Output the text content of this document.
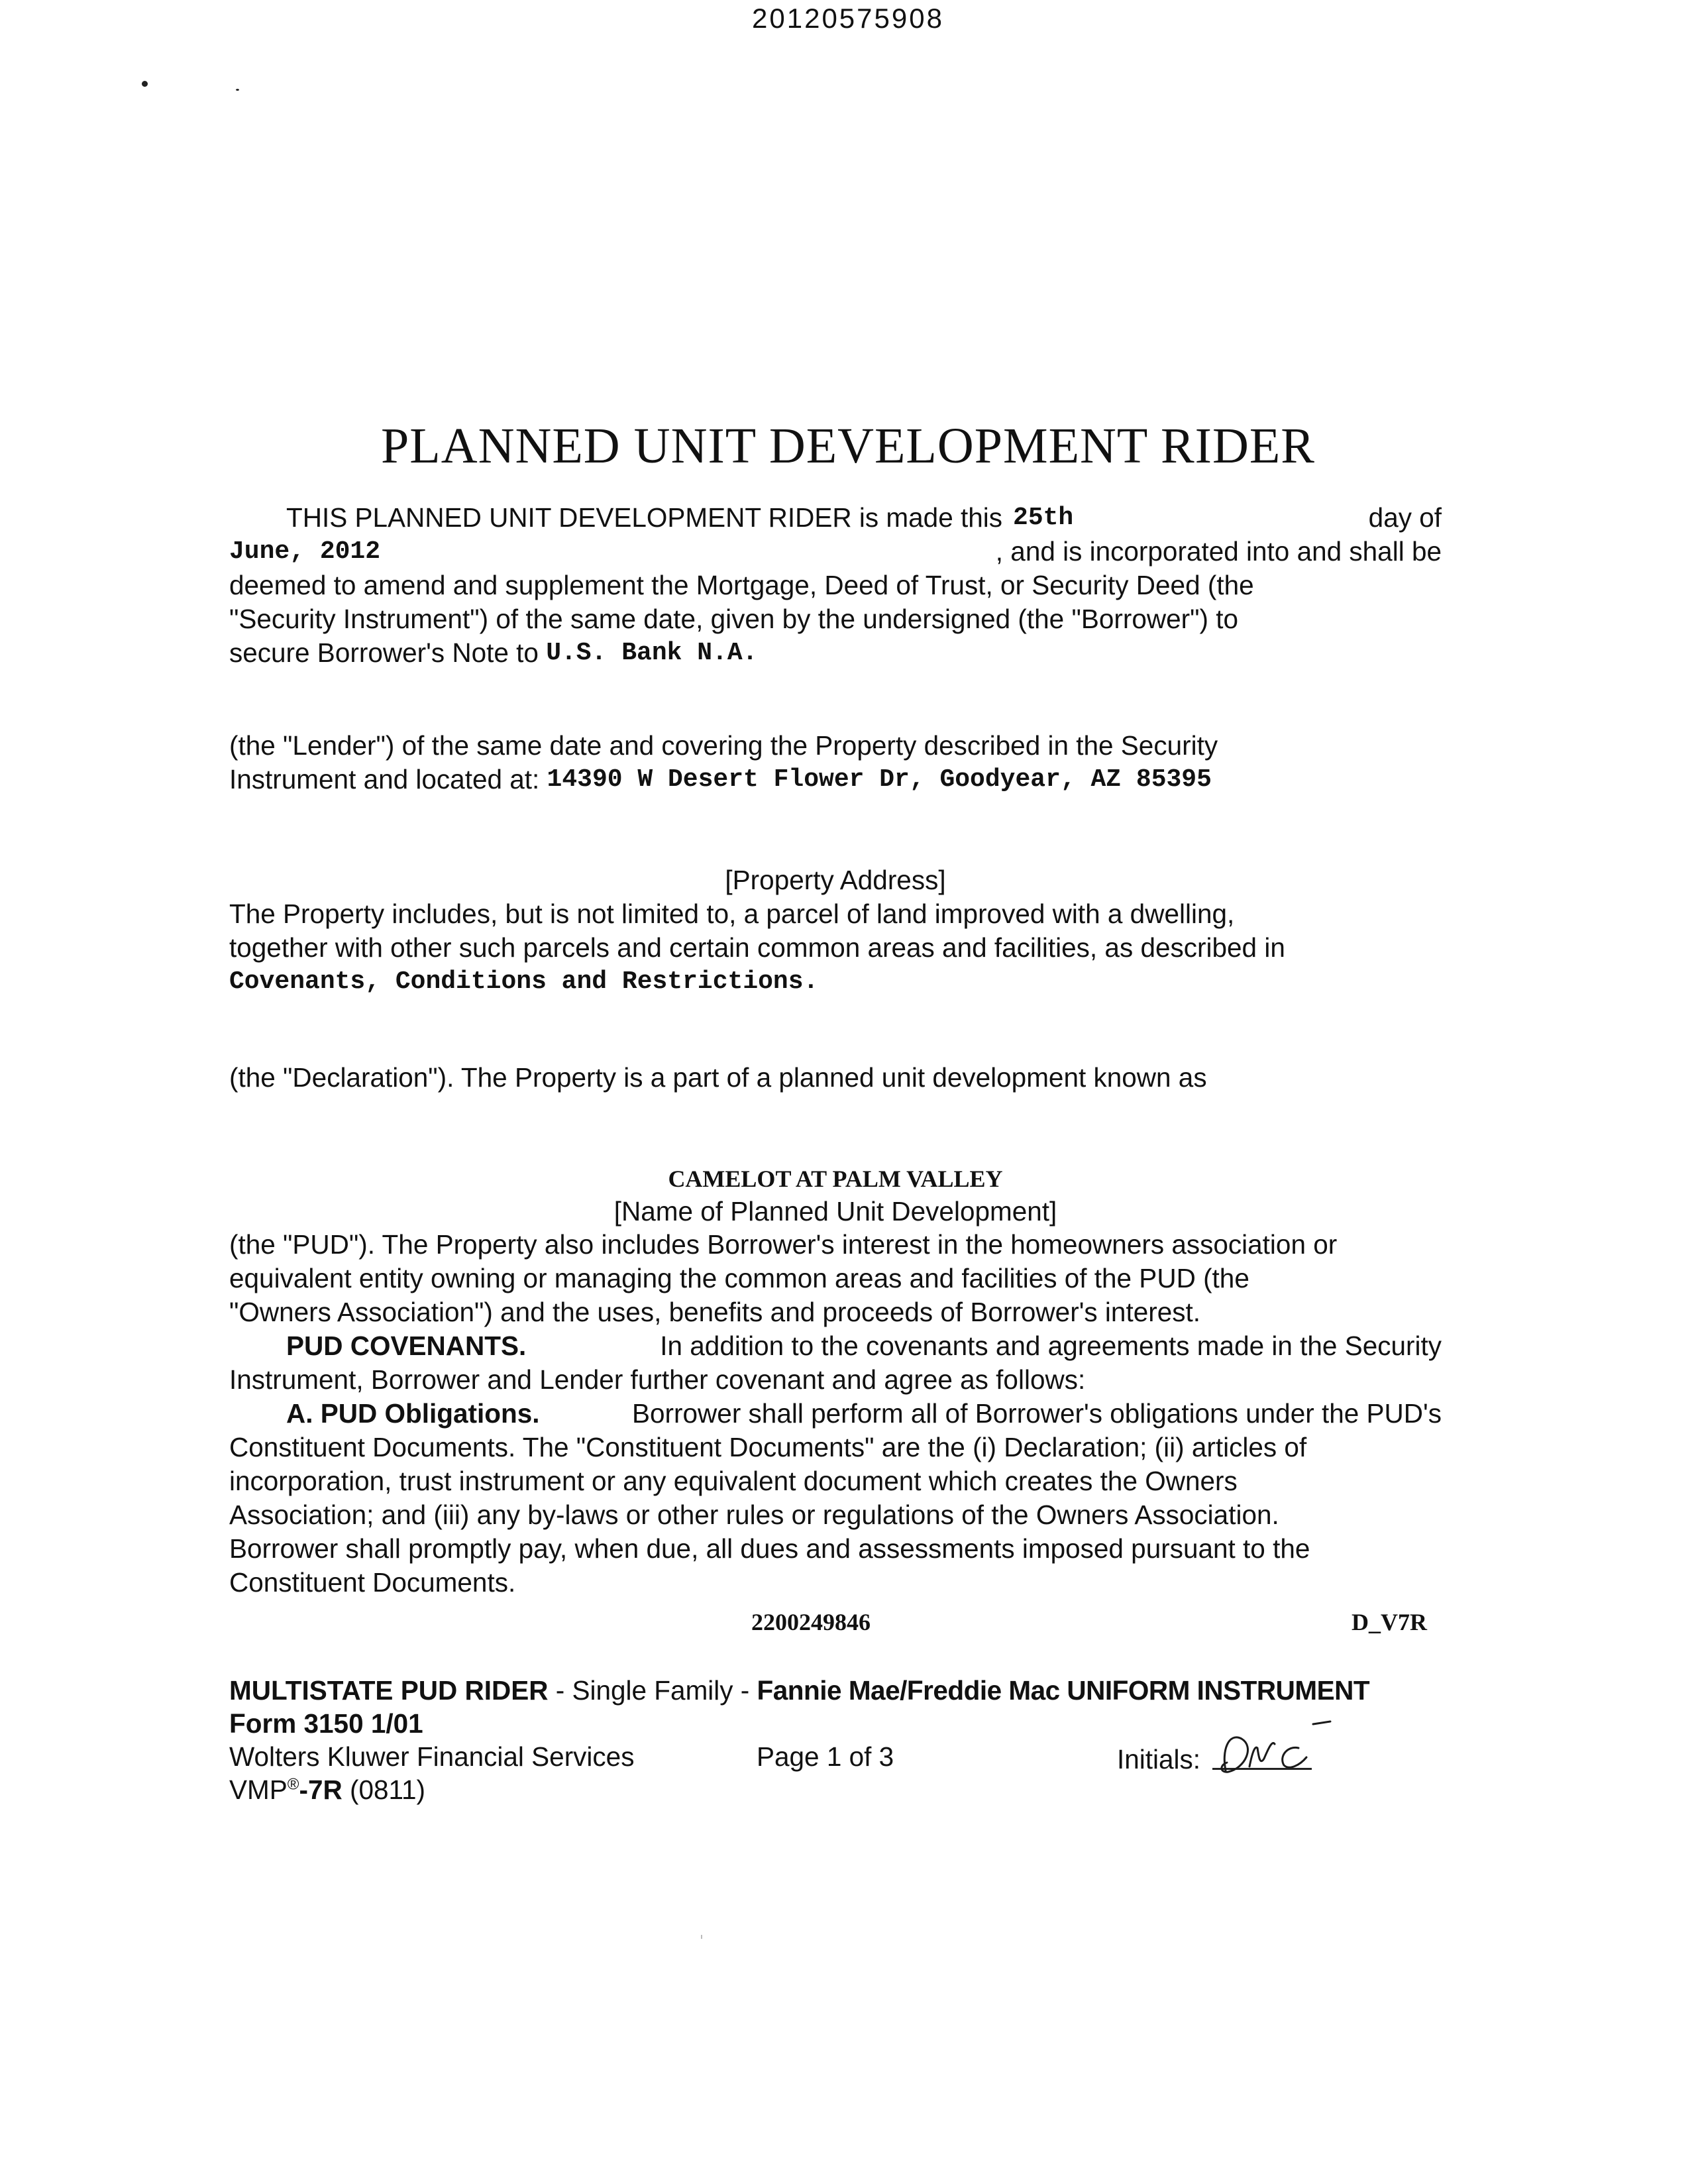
20120575908
PLANNED UNIT DEVELOPMENT RIDER
THIS PLANNED UNIT DEVELOPMENT RIDER is made this 25th	day of
June, 2012	, and is incorporated into and shall be
deemed to amend and supplement the Mortgage, Deed of Trust, or Security Deed (the
"Security Instrument") of the same date, given by the undersigned (the "Borrower") to
secure Borrower's Note to
U.S. Bank N.A.
(the "Lender") of the same date and covering the Property described in the Security
Instrument and located at:
14390 W Desert Flower Dr, Goodyear, AZ 85395
[Property Address]
The Property includes, but is not limited to, a parcel of land improved with a dwelling,
together with other such parcels and certain common areas and facilities, as described in
Covenants, Conditions and Restrictions.
(the "Declaration"). The Property is a part of a planned unit development known as
CAMELOT AT PALM VALLEY
[Name of Planned Unit Development]
(the "PUD"). The Property also includes Borrower's interest in the homeowners association or
equivalent entity owning or managing the common areas and facilities of the PUD (the
"Owners Association") and the uses, benefits and proceeds of Borrower's interest.
PUD COVENANTS.	In addition to the covenants and agreements made in the Security
Instrument, Borrower and Lender further covenant and agree as follows:
A. PUD Obligations.	Borrower shall perform all of Borrower's obligations under the PUD's
Constituent Documents. The "Constituent Documents" are the (i) Declaration; (ii) articles of
incorporation, trust instrument or any equivalent document which creates the Owners
Association; and (iii) any by-laws or other rules or regulations of the Owners Association.
Borrower shall promptly pay, when due, all dues and assessments imposed pursuant to the
Constituent Documents.
2200249846	D_V7R
MULTISTATE PUD RIDER - Single Family - Fannie Mae/Freddie Mac UNIFORM INSTRUMENT
Form 3150 1/01
Wolters Kluwer Financial Services	Page 1 of 3	Initials:
VMP®-7R (0811)
